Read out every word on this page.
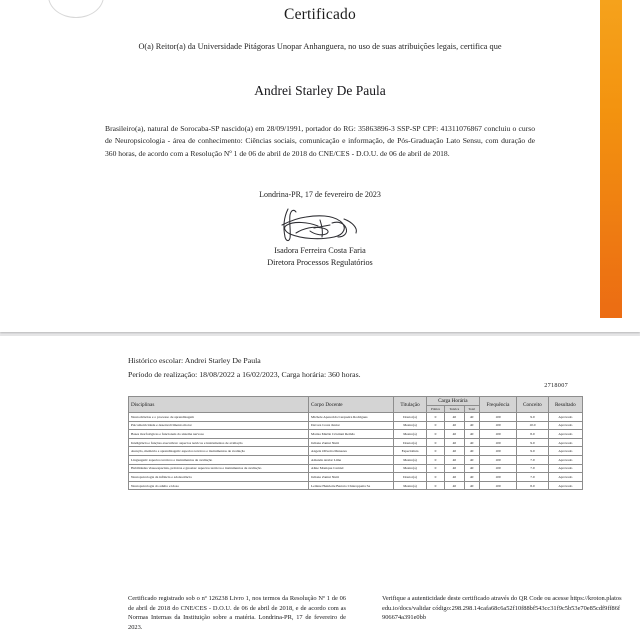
Certificado
O(a) Reitor(a) da Universidade Pitágoras Unopar Anhanguera, no uso de suas atribuições legais, certifica que
Andrei Starley De Paula
Brasileiro(a), natural de Sorocaba-SP nascido(a) em 28/09/1991, portador do RG: 35863896-3 SSP-SP CPF: 41311076867 concluiu o curso de Neuropsicologia - área de conhecimento: Ciências sociais, comunicação e informação, de Pós-Graduação Lato Sensu, com duração de 360 horas, de acordo com a Resolução Nº 1 de 06 de abril de 2018 do CNE/CES - D.O.U. de 06 de abril de 2018.
Londrina-PR, 17 de fevereiro de 2023
Isadora Ferreira Costa Faria
Diretora Processos Regulatórios
Histórico escolar: Andrei Starley De Paula
Período de realização: 18/08/2022 a 16/02/2023, Carga horária: 360 horas.
2718007
Disciplinas	Corpo Docente	Titulação	Carga Horária			Frequência	Conceito	Resultado
			Prática	Teórica	Total			
Neurociências e o processo de aprendizagem	Michele Aparecida Cerqueira Rodrigues	Doutor(a)	0	40	40	100	9.0	Aprovado
Psicomotricidade e desenvolvimento motor	Devora Costa Junior	Mestre(a)	0	40	40	100	10.0	Aprovado
Bases morfológicas e funcionais do sistema nervoso	Marisa Martin Cristiani Remão	Mestre(a)	0	40	40	100	8.0	Aprovado
Inteligência e funções executivas: aspectos teóricos e instrumentos de avaliação	Juliana Zantut Nutti	Doutor(a)	0	40	40	100	9.0	Aprovado
Atenção, memória e aprendizagem: aspectos teóricos e instrumentos de avaliação	Angela Oliveira Menezes	Especialista	0	40	40	100	9.0	Aprovado
Linguagem: aspectos teóricos e instrumentos de avaliação	Amanda Avelar Lima	Mestre(a)	0	40	40	100	7.0	Aprovado
Habilidades visuoespaciais, práxicas e gnosias: aspectos teóricos e instrumentos de avaliação	Aline Monique Carniel	Mestre(a)	0	40	40	100	7.0	Aprovado
Neuropsicologia da infância e adolescência	Juliana Zantut Nutti	Doutor(a)	0	40	40	100	7.0	Aprovado
Neuropsicologia do adulto e idoso	Leilane Henriette Barreto Chiaroppetta Sa	Mestre(a)	0	40	40	100	8.0	Aprovado
Certificado registrado sob o nº 126238 Livro 1, nos termos da Resolução Nº 1 de 06 de abril de 2018 do CNE/CES - D.O.U. de 06 de abril de 2018, e de acordo com as Normas Internas da Instituição sobre a matéria. Londrina-PR, 17 de fevereiro de 2023.
Verifique a autenticidade deste certificado através do QR Code ou acesse https://kroton.platosedu.io/docs/validar código:298.298.14cafa68c6a52f10f88bf543cc31f9c5b53e70e85cdf9ff86f906674a391e0bb
